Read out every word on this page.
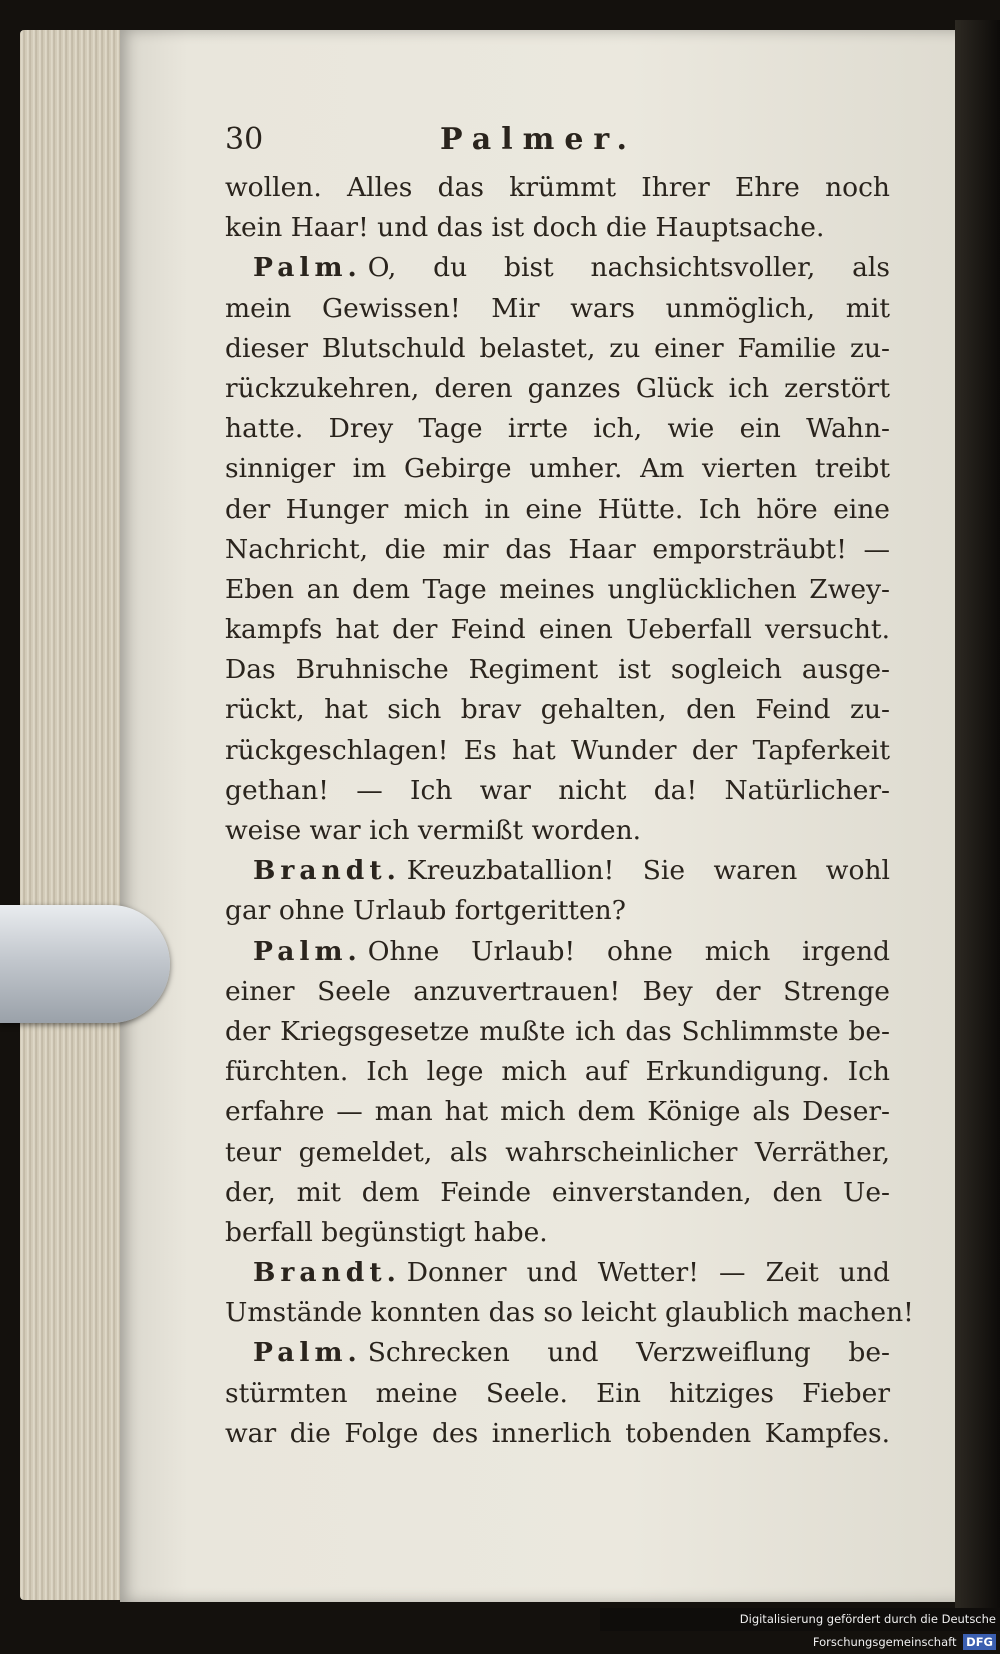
30	Palmer.
wollen. Alles das krümmt Ihrer Ehre noch
kein Haar! und das ist doch die Hauptsache.
Palm. O, du bist nachsichtsvoller, als
mein Gewissen! Mir wars unmöglich, mit
dieser Blutschuld belastet, zu einer Familie zu-
rückzukehren, deren ganzes Glück ich zerstört
hatte. Drey Tage irrte ich, wie ein Wahn-
sinniger im Gebirge umher. Am vierten treibt
der Hunger mich in eine Hütte. Ich höre eine
Nachricht, die mir das Haar emporsträubt! —
Eben an dem Tage meines unglücklichen Zwey-
kampfs hat der Feind einen Ueberfall versucht.
Das Bruhnische Regiment ist sogleich ausge-
rückt, hat sich brav gehalten, den Feind zu-
rückgeschlagen! Es hat Wunder der Tapferkeit
gethan! — Ich war nicht da! Natürlicher-
weise war ich vermißt worden.
Brandt. Kreuzbatallion! Sie waren wohl
gar ohne Urlaub fortgeritten?
Palm. Ohne Urlaub! ohne mich irgend
einer Seele anzuvertrauen! Bey der Strenge
der Kriegsgesetze mußte ich das Schlimmste be-
fürchten. Ich lege mich auf Erkundigung. Ich
erfahre — man hat mich dem Könige als Deser-
teur gemeldet, als wahrscheinlicher Verräther,
der, mit dem Feinde einverstanden, den Ue-
berfall begünstigt habe.
Brandt. Donner und Wetter! — Zeit und
Umstände konnten das so leicht glaublich machen!
Palm. Schrecken und Verzweiflung be-
stürmten meine Seele. Ein hitziges Fieber
war die Folge des innerlich tobenden Kampfes.
Digitalisierung gefördert durch die Deutsche Forschungsgemeinschaft DFG
